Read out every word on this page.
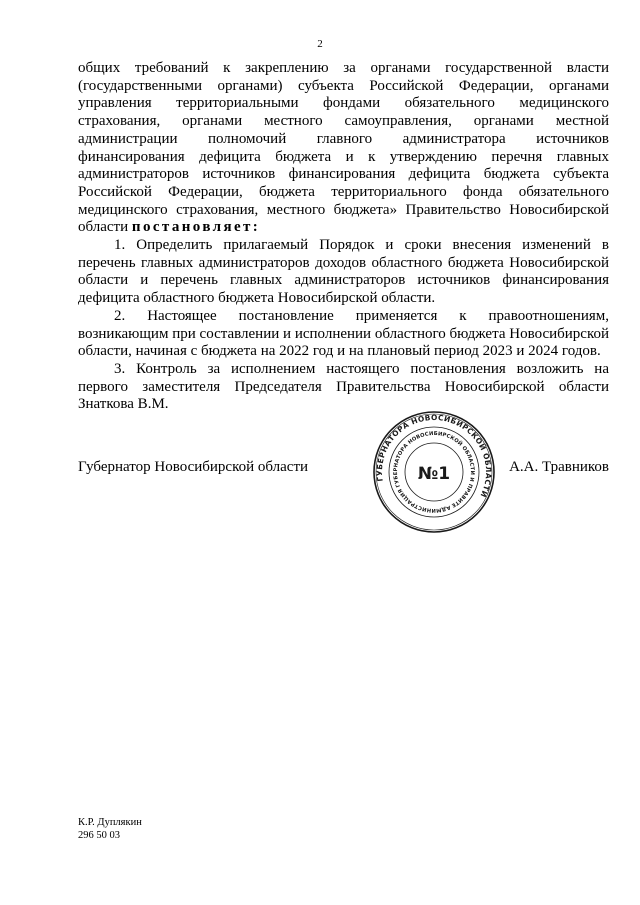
2

общих требований к закреплению за органами государственной власти (государственными органами) субъекта Российской Федерации, органами управления территориальными фондами обязательного медицинского страхования, органами местного самоуправления, органами местной администрации полномочий главного администратора источников финансирования дефицита бюджета и к утверждению перечня главных администраторов источников финансирования дефицита бюджета субъекта Российской Федерации, бюджета территориального фонда обязательного медицинского страхования, местного бюджета» Правительство Новосибирской области постановляет:

1. Определить прилагаемый Порядок и сроки внесения изменений в перечень главных администраторов доходов областного бюджета Новосибирской области и перечень главных администраторов источников финансирования дефицита областного бюджета Новосибирской области.

2. Настоящее постановление применяется к правоотношениям, возникающим при составлении и исполнении областного бюджета Новосибирской области, начиная с бюджета на 2022 год и на плановый период 2023 и 2024 годов.

3. Контроль за исполнением настоящего постановления возложить на первого заместителя Председателя Правительства Новосибирской области Знаткова В.М.

ГУБЕРНАТОРА НОВОСИБИРСКОЙ ОБЛАСТИ
АДМИНИСТРАЦИЯ ГУБЕРНАТОРА НОВОСИБИРСКОЙ ОБЛАСТИ И ПРАВИТЕЛЬСТВА
№1
Губернатор Новосибирской области	А.А. Травников
К.Р. Дуплякин
296 50 03
